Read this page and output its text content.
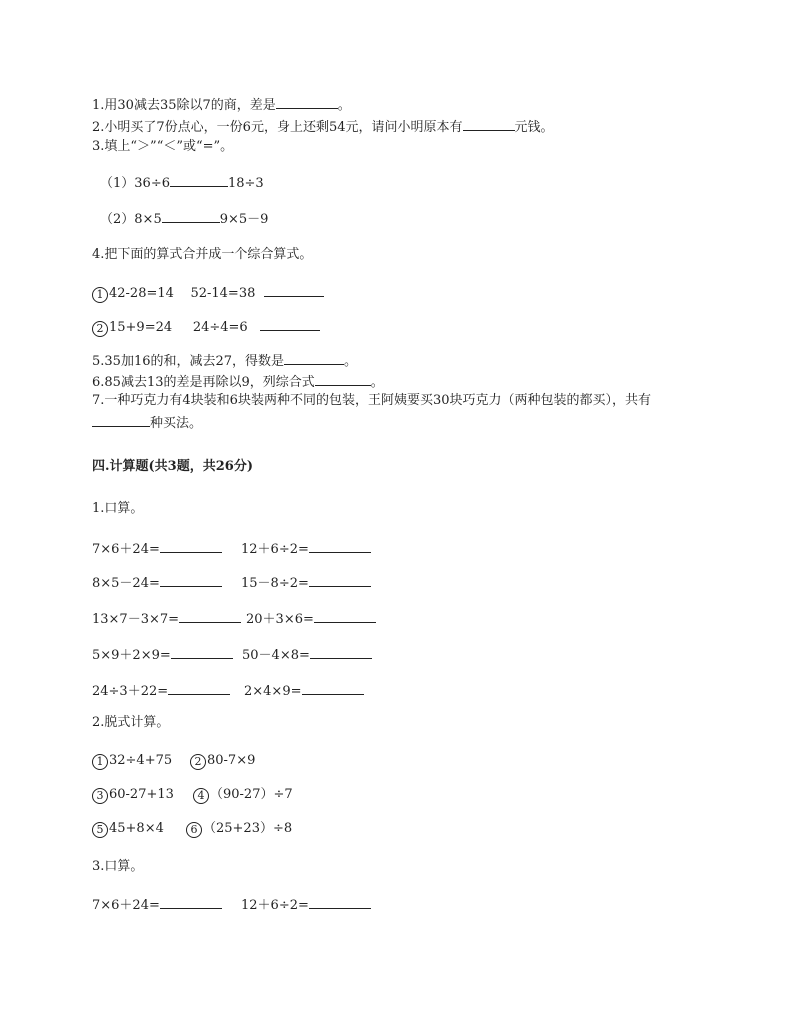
1.用30减去35除以7的商，差是	。
2.小明买了7份点心，一份6元，身上还剩54元，请问小明原本有	元钱。
3.填上“＞”“＜”或“=”。
（1）36÷6	18÷3
（2）8×5	9×5－9
4.把下面的算式合并成一个综合算式。
1 42-28=14 52-14=38
2 15+9=24 24÷4=6
5.35加16的和，减去27，得数是	。
6.85减去13的差是再除以9，列综合式	。
7.一种巧克力有4块装和6块装两种不同的包装，王阿姨要买30块巧克力（两种包装的都买），共有种买法。
四.计算题(共3题，共26分)
1.口算。
7×6＋24=	12＋6÷2=
8×5－24=	15－8÷2=
13×7－3×7=	20＋3×6=
5×9＋2×9=	50－4×8=
24÷3＋22=	2×4×9=
2.脱式计算。
1 32÷4+75	2 80-7×9
3 60-27+13	4 （90-27）÷7
5 45+8×4	6 （25+23）÷8
3.口算。
7×6＋24=	12＋6÷2=
